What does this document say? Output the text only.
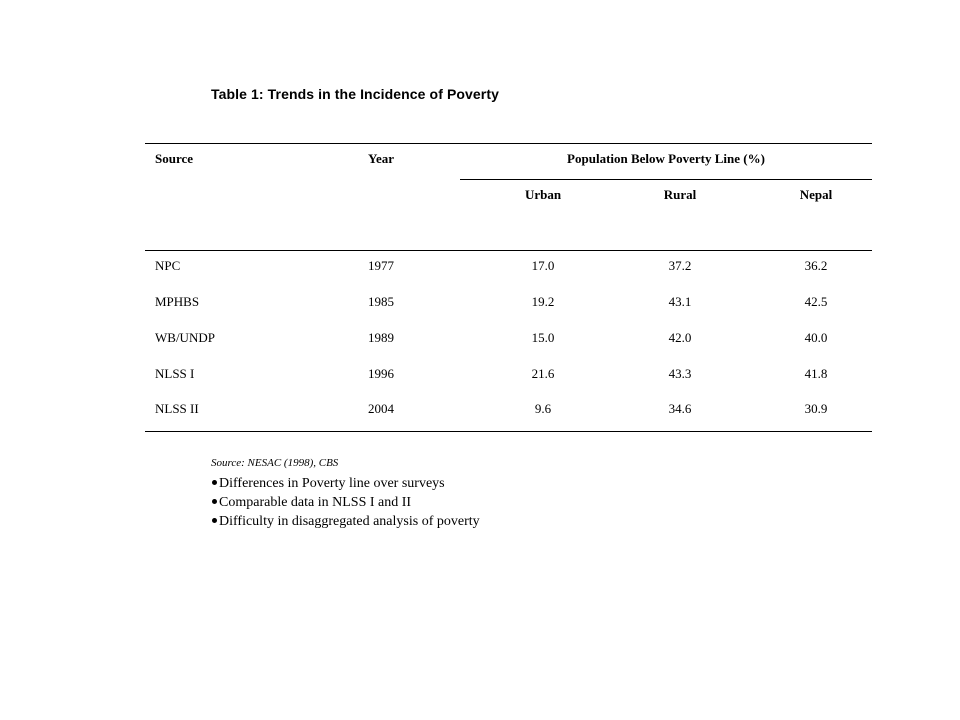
Table 1: Trends in the Incidence of Poverty
Source	Year	Population Below Poverty Line (%)
Urban	Rural	Nepal
NPC	1977	17.0	37.2	36.2
MPHBS	1985	19.2	43.1	42.5
WB/UNDP	1989	15.0	42.0	40.0
NLSS I	1996	21.6	43.3	41.8
NLSS II	2004	9.6	34.6	30.9
Source: NESAC (1998), CBS
Differences in Poverty line over surveys
Comparable data in NLSS I and II
Difficulty in disaggregated analysis of poverty
